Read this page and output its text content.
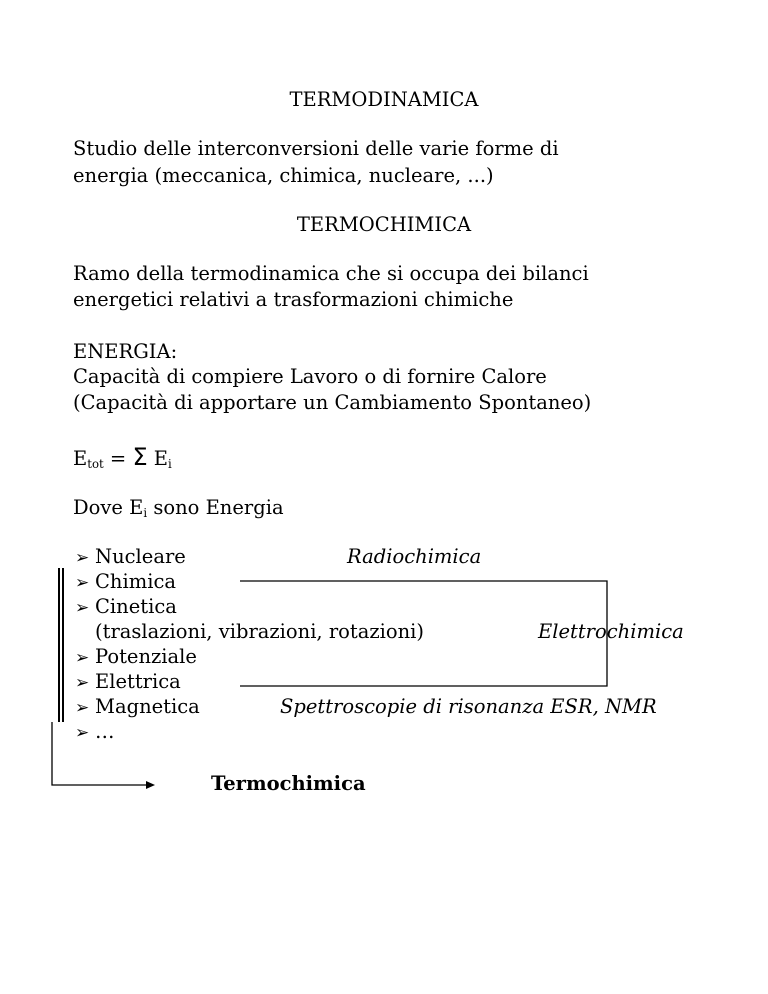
TERMODINAMICA
Studio delle interconversioni delle varie forme di
energia (meccanica, chimica, nucleare, ...)
TERMOCHIMICA
Ramo della termodinamica che si occupa dei bilanci
energetici relativi a trasformazioni chimiche
ENERGIA:
Capacità di compiere Lavoro o di fornire Calore
(Capacità di apportare un Cambiamento Spontaneo)
$E_{tot} = \Sigma$ $E_i$
Dove $E_i$ sono Energia
➢ Nucleare
➢ Chimica
➢ Cinetica
(traslazioni, vibrazioni, rotazioni)
➢ Potenziale
➢ Elettrica
➢ Magnetica
➢ …
Radiochimica
Elettrochimica
Spettroscopie di risonanza ESR, NMR
Termochimica
